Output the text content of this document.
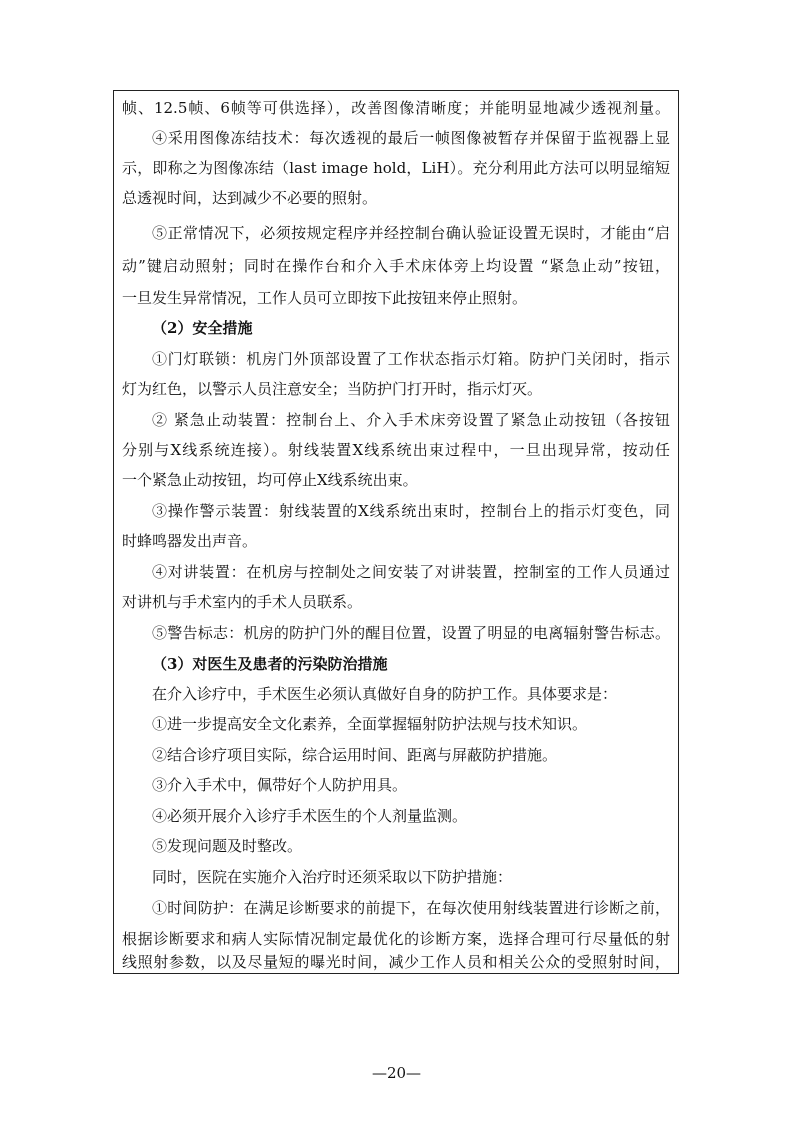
帧、12.5帧、6帧等可供选择），改善图像清晰度；并能明显地减少透视剂量。
④采用图像冻结技术：每次透视的最后一帧图像被暂存并保留于监视器上显
示，即称之为图像冻结（last image hold，LiH）。充分利用此方法可以明显缩短
总透视时间，达到减少不必要的照射。
⑤正常情况下，必须按规定程序并经控制台确认验证设置无误时，才能由“启
动”键启动照射；同时在操作台和介入手术床体旁上均设置 “紧急止动”按钮，
一旦发生异常情况，工作人员可立即按下此按钮来停止照射。
（2）安全措施
①门灯联锁：机房门外顶部设置了工作状态指示灯箱。防护门关闭时，指示
灯为红色，以警示人员注意安全；当防护门打开时，指示灯灭。
② 紧急止动装置：控制台上、介入手术床旁设置了紧急止动按钮（各按钮
分别与X线系统连接）。射线装置X线系统出束过程中，一旦出现异常，按动任
一个紧急止动按钮，均可停止X线系统出束。
③操作警示装置：射线装置的X线系统出束时，控制台上的指示灯变色，同
时蜂鸣器发出声音。
④对讲装置：在机房与控制处之间安装了对讲装置，控制室的工作人员通过
对讲机与手术室内的手术人员联系。
⑤警告标志：机房的防护门外的醒目位置，设置了明显的电离辐射警告标志。
（3）对医生及患者的污染防治措施
在介入诊疗中，手术医生必须认真做好自身的防护工作。具体要求是：
①进一步提高安全文化素养，全面掌握辐射防护法规与技术知识。
②结合诊疗项目实际，综合运用时间、距离与屏蔽防护措施。
③介入手术中，佩带好个人防护用具。
④必须开展介入诊疗手术医生的个人剂量监测。
⑤发现问题及时整改。
同时，医院在实施介入治疗时还须采取以下防护措施：
①时间防护：在满足诊断要求的前提下，在每次使用射线装置进行诊断之前，
根据诊断要求和病人实际情况制定最优化的诊断方案，选择合理可行尽量低的射
线照射参数，以及尽量短的曝光时间，减少工作人员和相关公众的受照射时间，
—20—
